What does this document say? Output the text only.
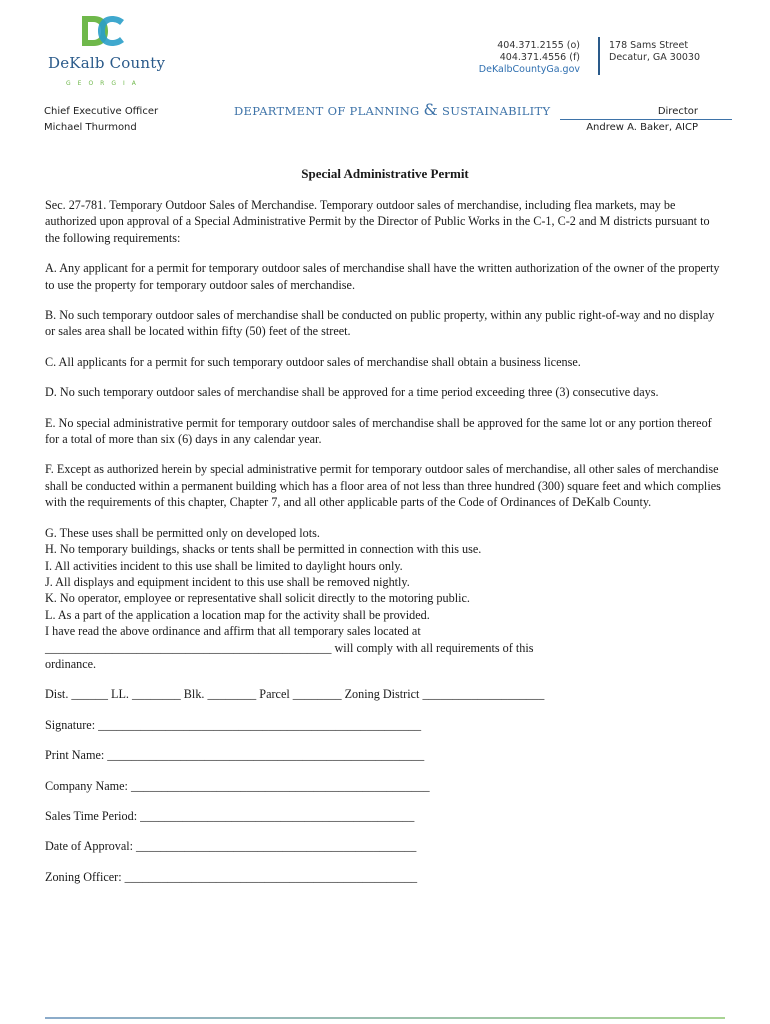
DeKalb County
GEORGIA
404.371.2155 (o)
404.371.4556 (f)
DeKalbCountyGa.gov
178 Sams Street
Decatur, GA 30030
Chief Executive Officer
Michael Thurmond
DEPARTMENT OF PLANNING & SUSTAINABILITY	Director
Andrew A. Baker, AICP
Special Administrative Permit

Sec. 27-781. Temporary Outdoor Sales of Merchandise. Temporary outdoor sales of merchandise, including flea markets, may be authorized upon approval of a Special Administrative Permit by the Director of Public Works in the C-1, C-2 and M districts pursuant to the following requirements:

A. Any applicant for a permit for temporary outdoor sales of merchandise shall have the written authorization of the owner of the property to use the property for temporary outdoor sales of merchandise.

B. No such temporary outdoor sales of merchandise shall be conducted on public property, within any public right-of-way and no display or sales area shall be located within fifty (50) feet of the street.

C. All applicants for a permit for such temporary outdoor sales of merchandise shall obtain a business license.

D. No such temporary outdoor sales of merchandise shall be approved for a time period exceeding three (3) consecutive days.

E. No special administrative permit for temporary outdoor sales of merchandise shall be approved for the same lot or any portion thereof for a total of more than six (6) days in any calendar year.

F. Except as authorized herein by special administrative permit for temporary outdoor sales of merchandise, all other sales of merchandise shall be conducted within a permanent building which has a floor area of not less than three hundred (300) square feet and which complies with the requirements of this chapter, Chapter 7, and all other applicable parts of the Code of Ordinances of DeKalb County.

G. These uses shall be permitted only on developed lots.

H. No temporary buildings, shacks or tents shall be permitted in connection with this use.

I. All activities incident to this use shall be limited to daylight hours only.

J. All displays and equipment incident to this use shall be removed nightly.

K. No operator, employee or representative shall solicit directly to the motoring public.

L. As a part of the application a location map for the activity shall be provided.

I have read the above ordinance and affirm that all temporary sales located at

_______________________________________________ will comply with all requirements of this

ordinance.

Dist. ______ LL. ________ Blk. ________ Parcel ________ Zoning District ____________________

Signature: _____________________________________________________

Print Name: ____________________________________________________

Company Name: _________________________________________________

Sales Time Period: _____________________________________________

Date of Approval: ______________________________________________

Zoning Officer: ________________________________________________
